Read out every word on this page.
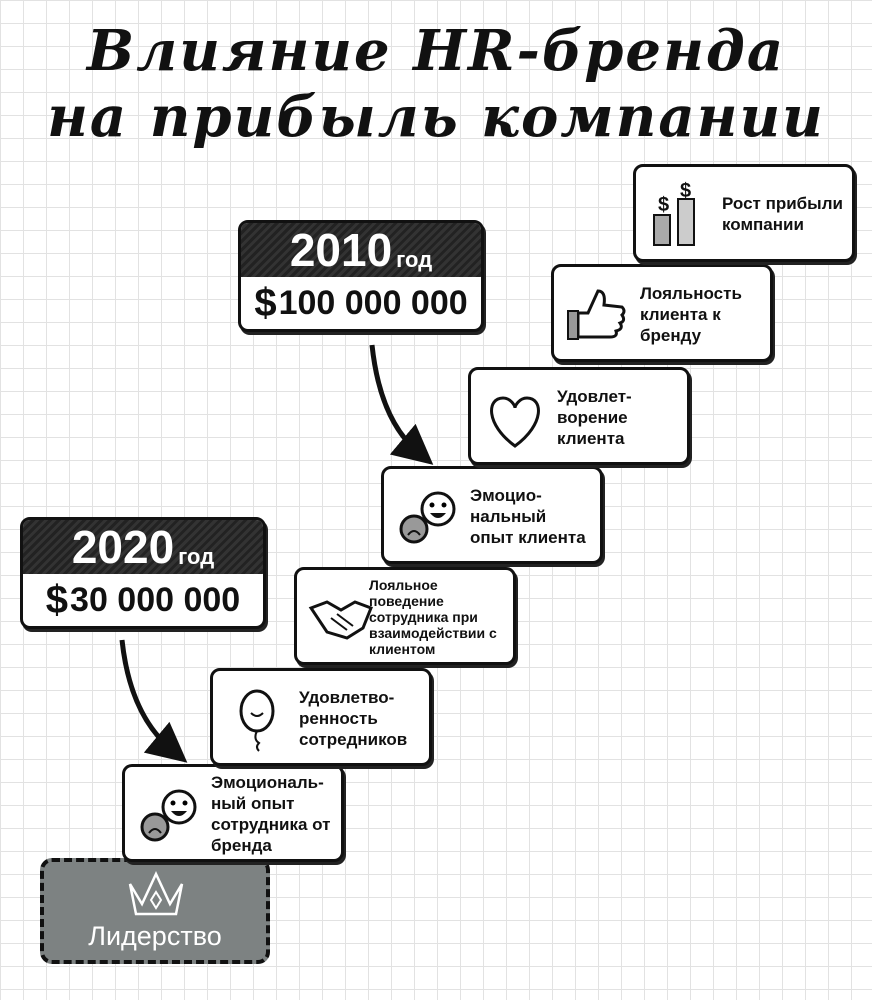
Влияние HR-бренда
на прибыль компании
Лидерство
Эмоциональ-ный опыт сотрудника от бренда
Удовлетво-ренность сотредников
Лояльное поведение сотрудника при взаимодействии с клиентом
Эмоцио-нальный опыт клиента
Удовлет-ворение клиента
Лояльность клиента к бренду
$
$
Рост прибыли компании
2010 год
$ 100 000 000
2020 год
$ 30 000 000
